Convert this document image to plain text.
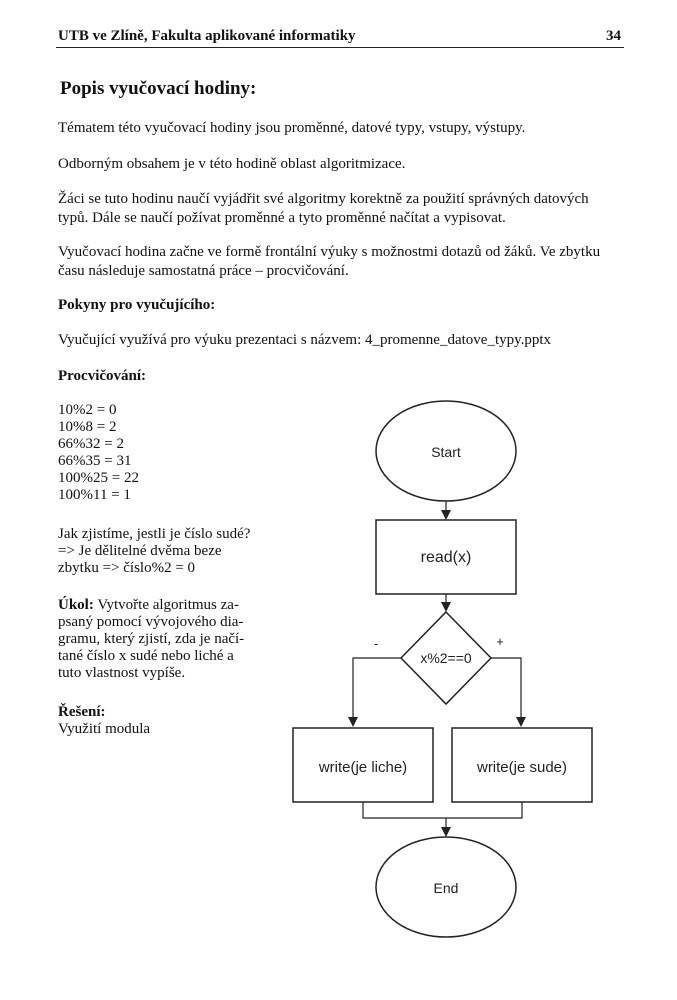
UTB ve Zlíně, Fakulta aplikované informatiky	34
Popis vyučovací hodiny:
Tématem této vyučovací hodiny jsou proměnné, datové typy, vstupy, výstupy.
Odborným obsahem je v této hodině oblast algoritmizace.
Žáci se tuto hodinu naučí vyjádřit své algoritmy korektně za použití správných datových
typů. Dále se naučí požívat proměnné a tyto proměnné načítat a vypisovat.
Vyučovací hodina začne ve formě frontální výuky s možnostmi dotazů od žáků. Ve zbytku
času následuje samostatná práce – procvičování.
Pokyny pro vyučujícího:
Vyučující využívá pro výuku prezentaci s názvem: 4_promenne_datove_typy.pptx
Procvičování:
10%2 = 0
10%8 = 2
66%32 = 2
66%35 = 31
100%25 = 22
100%11 = 1
Jak zjistíme, jestli je číslo sudé?
=> Je dělitelné dvěma beze
zbytku => číslo%2 = 0
Úkol: Vytvořte algoritmus za-
psaný pomocí vývojového dia-
gramu, který zjistí, zda je načí-
tané číslo x sudé nebo liché a
tuto vlastnost vypíše.
Řešení:
Využití modula
Start
read(x)
x%2==0
-	+
write(je liche)	write(je sude)
End
